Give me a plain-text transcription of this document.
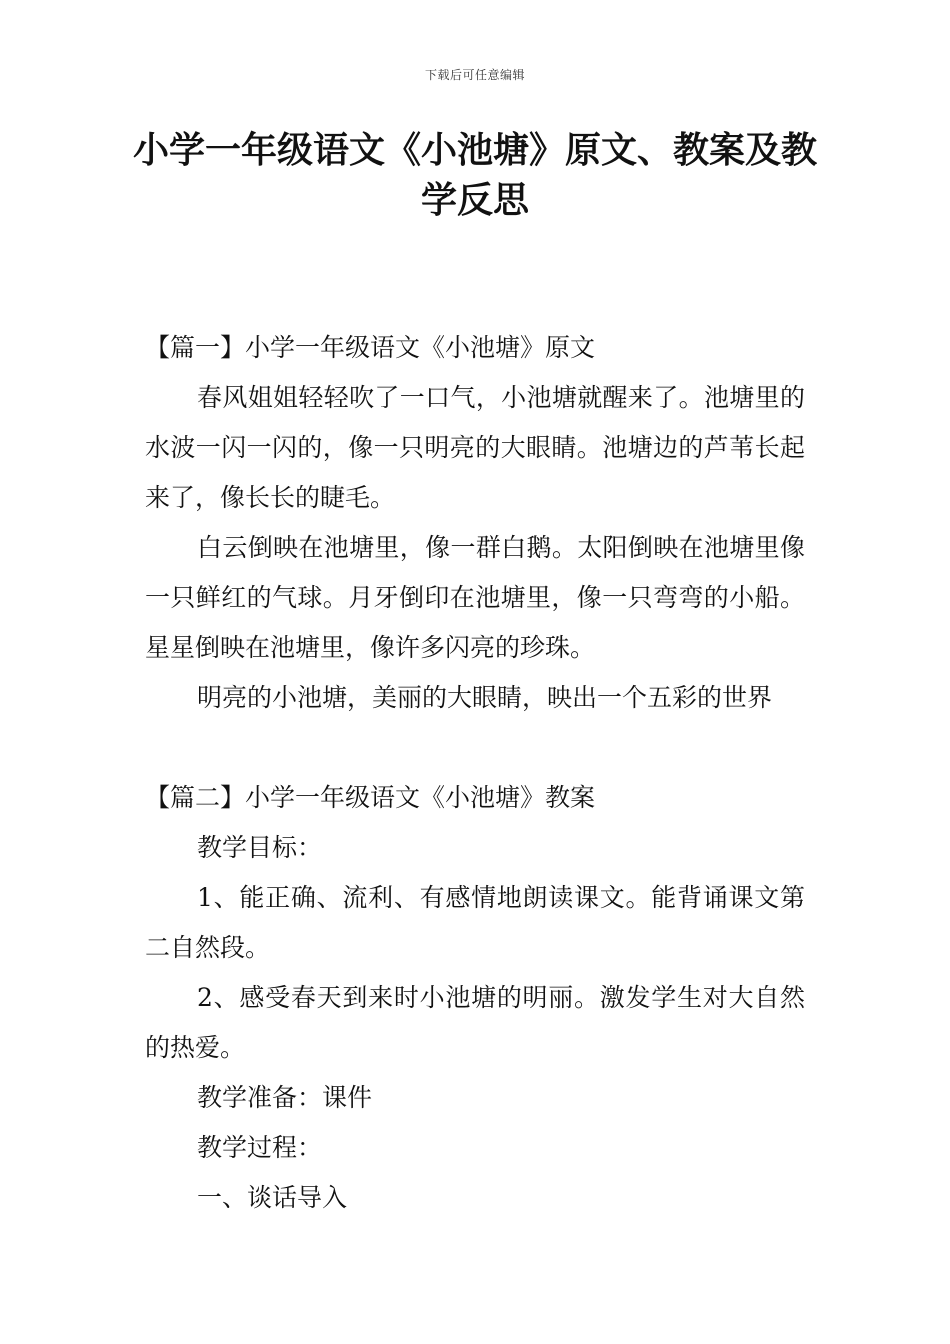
下载后可任意编辑
小学一年级语文《小池塘》原文、教案及教学反思
【篇一】小学一年级语文《小池塘》原文

春风姐姐轻轻吹了一口气，小池塘就醒来了。池塘里的水波一闪一闪的，像一只明亮的大眼睛。池塘边的芦苇长起来了，像长长的睫毛。

白云倒映在池塘里，像一群白鹅。太阳倒映在池塘里像一只鲜红的气球。月牙倒印在池塘里，像一只弯弯的小船。星星倒映在池塘里，像许多闪亮的珍珠。

明亮的小池塘，美丽的大眼睛，映出一个五彩的世界

【篇二】小学一年级语文《小池塘》教案

教学目标：

1、能正确、流利、有感情地朗读课文。能背诵课文第二自然段。

2、感受春天到来时小池塘的明丽。激发学生对大自然的热爱。

教学准备：课件

教学过程：

一、谈话导入
